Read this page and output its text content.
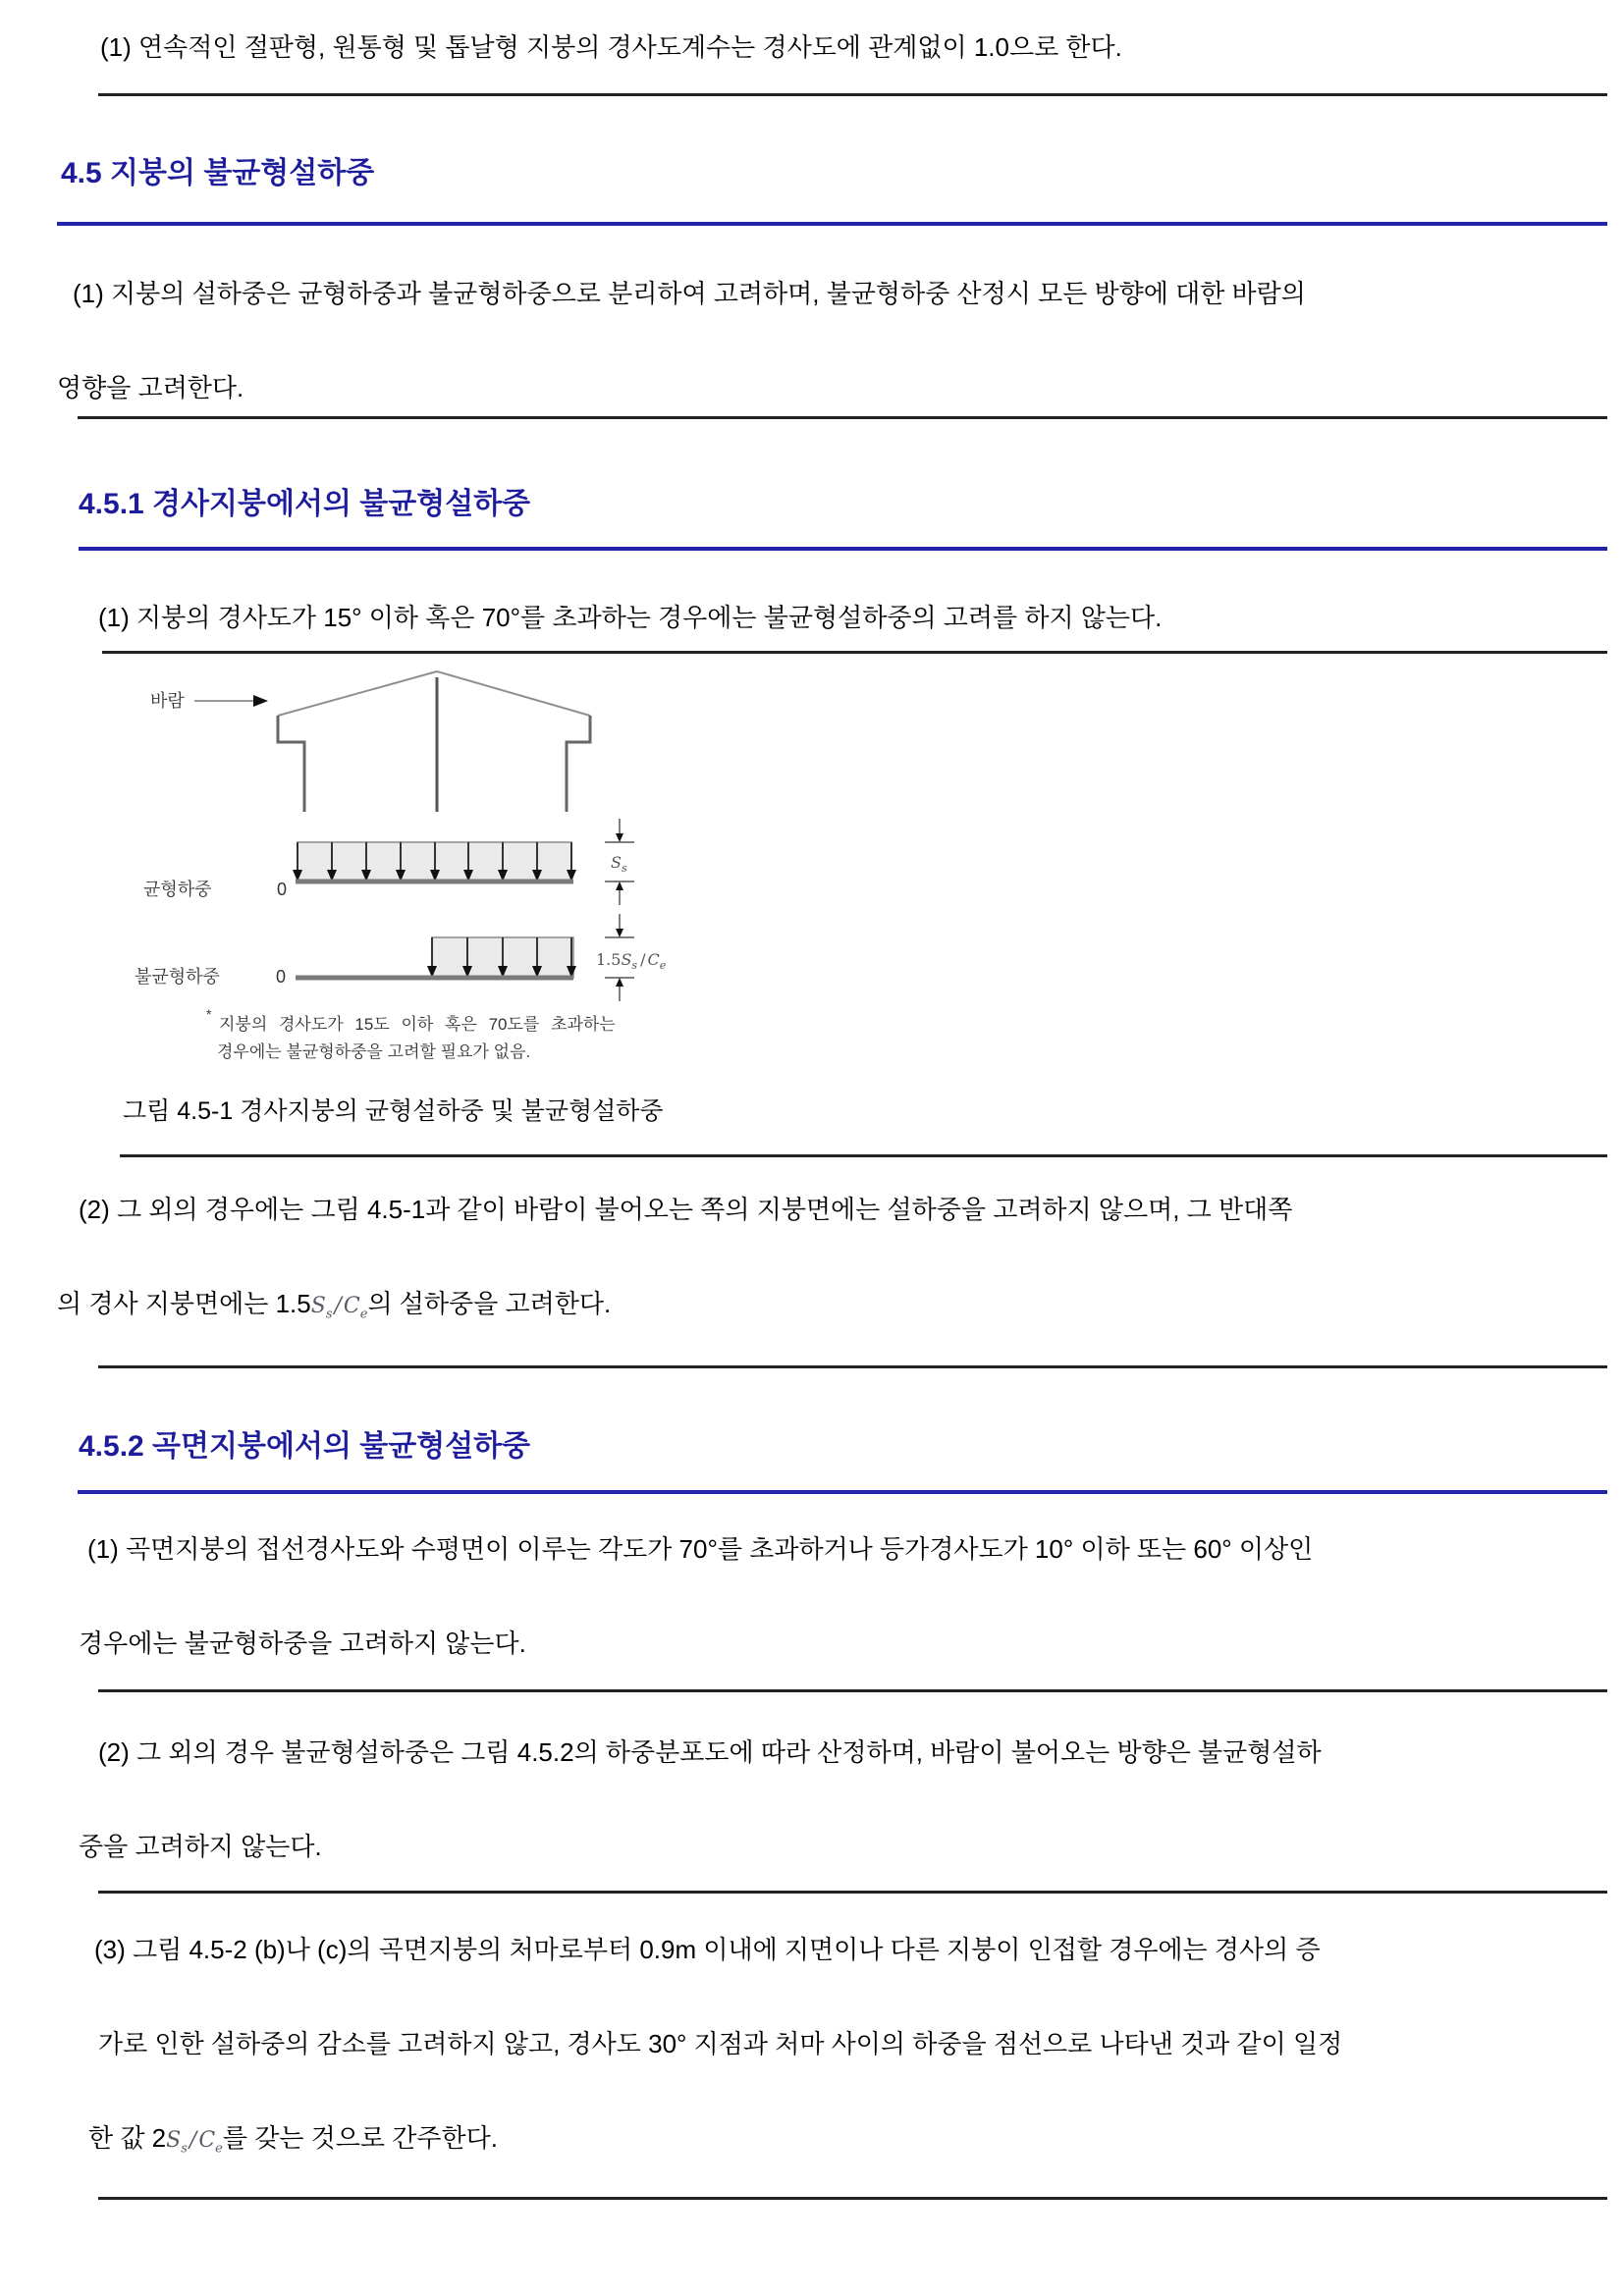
(1) 연속적인 절판형, 원통형 및 톱날형 지붕의 경사도계수는 경사도에 관계없이 1.0으로 한다.

4.5 지붕의 불균형설하중

(1) 지붕의 설하중은 균형하중과 불균형하중으로 분리하여 고려하며, 불균형하중 산정시 모든 방향에 대한 바람의
영향을 고려한다.

4.5.1 경사지붕에서의 불균형설하중

(1) 지붕의 경사도가 15° 이하 혹은 70°를 초과하는 경우에는 불균형설하중의 고려를 하지 않는다.

바람
균형하중	0
$S_s$
불균형하중	0
$1.5S_s / C_e$
*
지붕의 경사도가 15도 이하 혹은 70도를 초과하는
경우에는 불균형하중을 고려할 필요가 없음.
그림 4.5-1 경사지붕의 균형설하중 및 불균형설하중

(2) 그 외의 경우에는 그림 4.5-1과 같이 바람이 불어오는 쪽의 지붕면에는 설하중을 고려하지 않으며, 그 반대쪽
의 경사 지붕면에는 $1.5S_s/C_e$의 설하중을 고려한다.

4.5.2 곡면지붕에서의 불균형설하중

(1) 곡면지붕의 접선경사도와 수평면이 이루는 각도가 70°를 초과하거나 등가경사도가 10° 이하 또는 60° 이상인
경우에는 불균형하중을 고려하지 않는다.

(2) 그 외의 경우 불균형설하중은 그림 4.5.2의 하중분포도에 따라 산정하며, 바람이 불어오는 방향은 불균형설하
중을 고려하지 않는다.

(3) 그림 4.5-2 (b)나 (c)의 곡면지붕의 처마로부터 0.9m 이내에 지면이나 다른 지붕이 인접할 경우에는 경사의 증
가로 인한 설하중의 감소를 고려하지 않고, 경사도 30° 지점과 처마 사이의 하중을 점선으로 나타낸 것과 같이 일정
한 값 $2S_s/C_e$를 갖는 것으로 간주한다.
